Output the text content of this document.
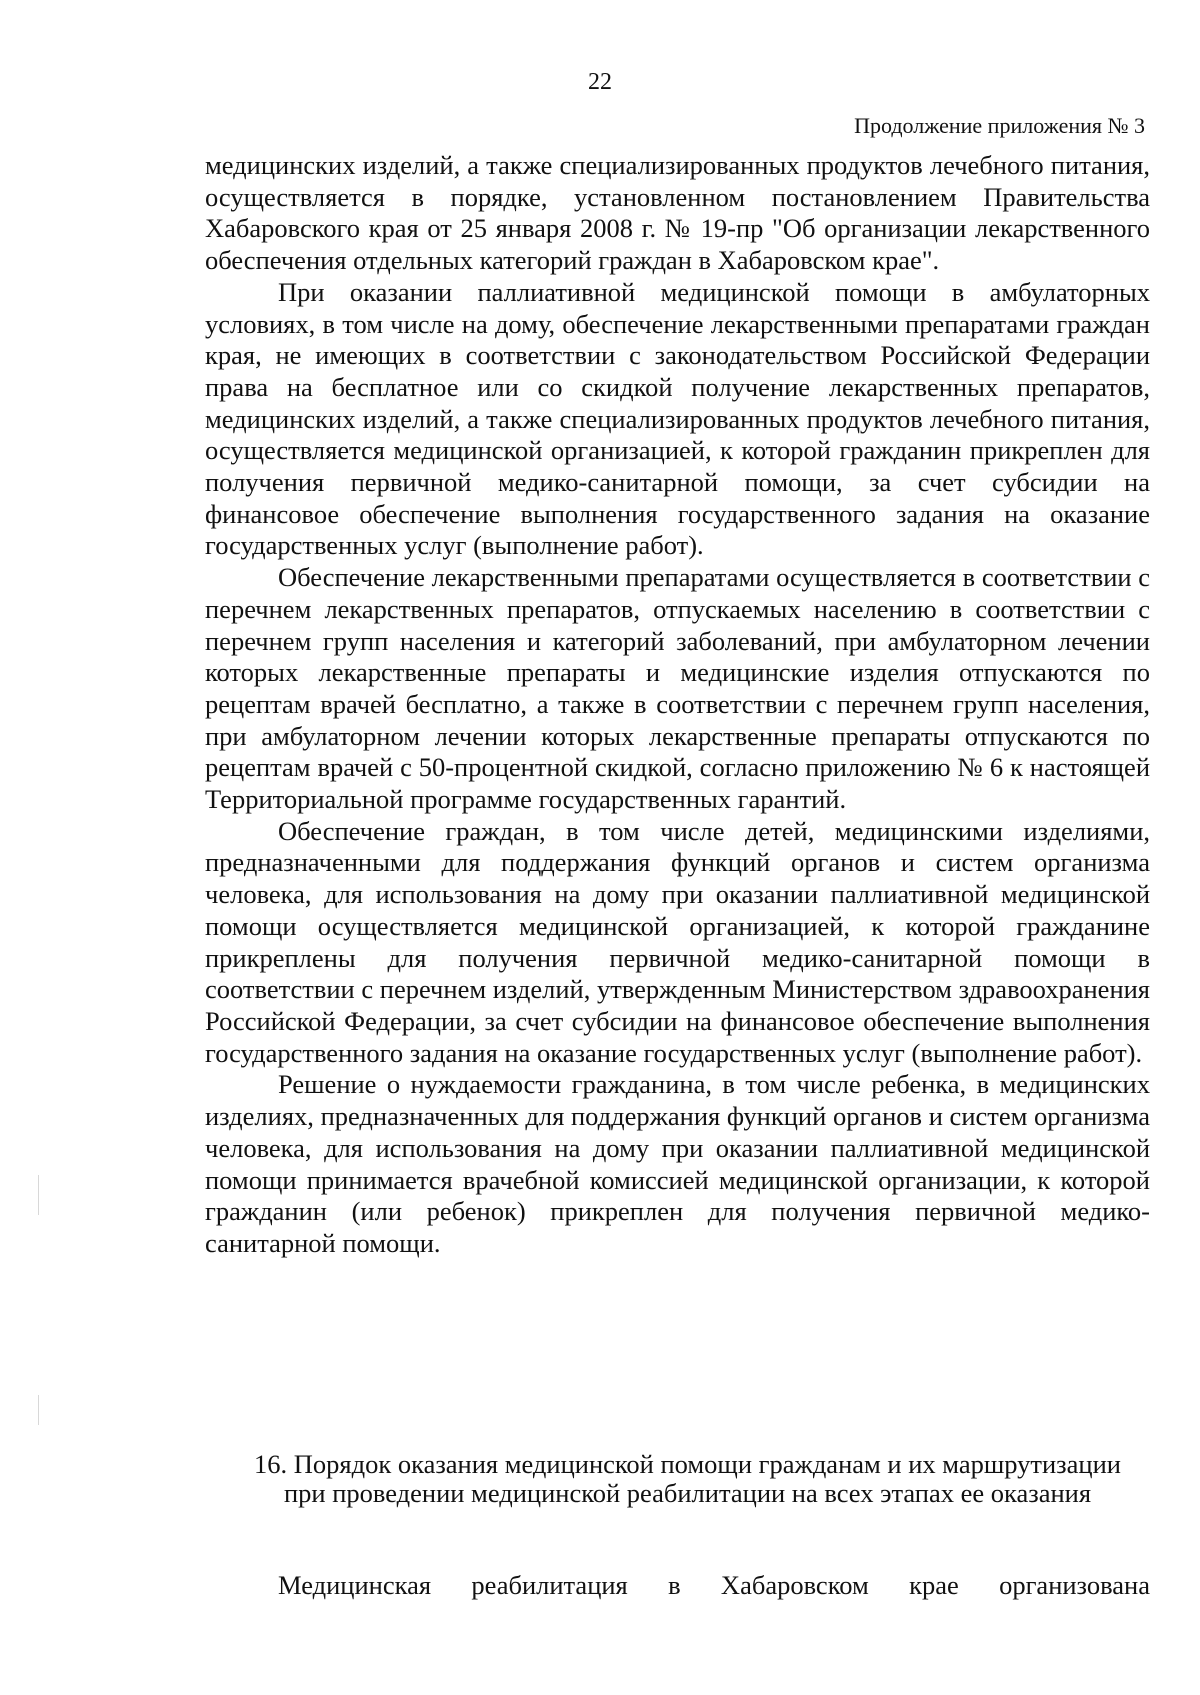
22
Продолжение приложения № 3

медицинских изделий, а также специализированных продуктов лечебного питания, осуществляется в порядке, установленном постановлением Правительства Хабаровского края от 25 января 2008 г. № 19-пр "Об организации лекарственного обеспечения отдельных категорий граждан в Хабаровском крае".

При оказании паллиативной медицинской помощи в амбулаторных условиях, в том числе на дому, обеспечение лекарственными препаратами граждан края, не имеющих в соответствии с законодательством Российской Федерации права на бесплатное или со скидкой получение лекарственных препаратов, медицинских изделий, а также специализированных продуктов лечебного питания, осуществляется медицинской организацией, к которой гражданин прикреплен для получения первичной медико-санитарной помощи, за счет субсидии на финансовое обеспечение выполнения государственного задания на оказание государственных услуг (выполнение работ).

Обеспечение лекарственными препаратами осуществляется в соответствии с перечнем лекарственных препаратов, отпускаемых населению в соответствии с перечнем групп населения и категорий заболеваний, при амбулаторном лечении которых лекарственные препараты и медицинские изделия отпускаются по рецептам врачей бесплатно, а также в соответствии с перечнем групп населения, при амбулаторном лечении которых лекарственные препараты отпускаются по рецептам врачей с 50-процентной скидкой, согласно приложению № 6 к настоящей Территориальной программе государственных гарантий.

Обеспечение граждан, в том числе детей, медицинскими изделиями, предназначенными для поддержания функций органов и систем организма человека, для использования на дому при оказании паллиативной медицинской помощи осуществляется медицинской организацией, к которой гражданине прикреплены для получения первичной медико-санитарной помощи в соответствии с перечнем изделий, утвержденным Министерством здравоохранения Российской Федерации, за счет субсидии на финансовое обеспечение выполнения государственного задания на оказание государственных услуг (выполнение работ).

Решение о нуждаемости гражданина, в том числе ребенка, в медицинских изделиях, предназначенных для поддержания функций органов и систем организма человека, для использования на дому при оказании паллиативной медицинской помощи принимается врачебной комиссией медицинской организации, к которой гражданин (или ребенок) прикреплен для получения первичной медико-санитарной помощи.

16. Порядок оказания медицинской помощи гражданам и их маршрутизации
при проведении медицинской реабилитации на всех этапах ее оказания
Медицинская реабилитация в Хабаровском крае организована
